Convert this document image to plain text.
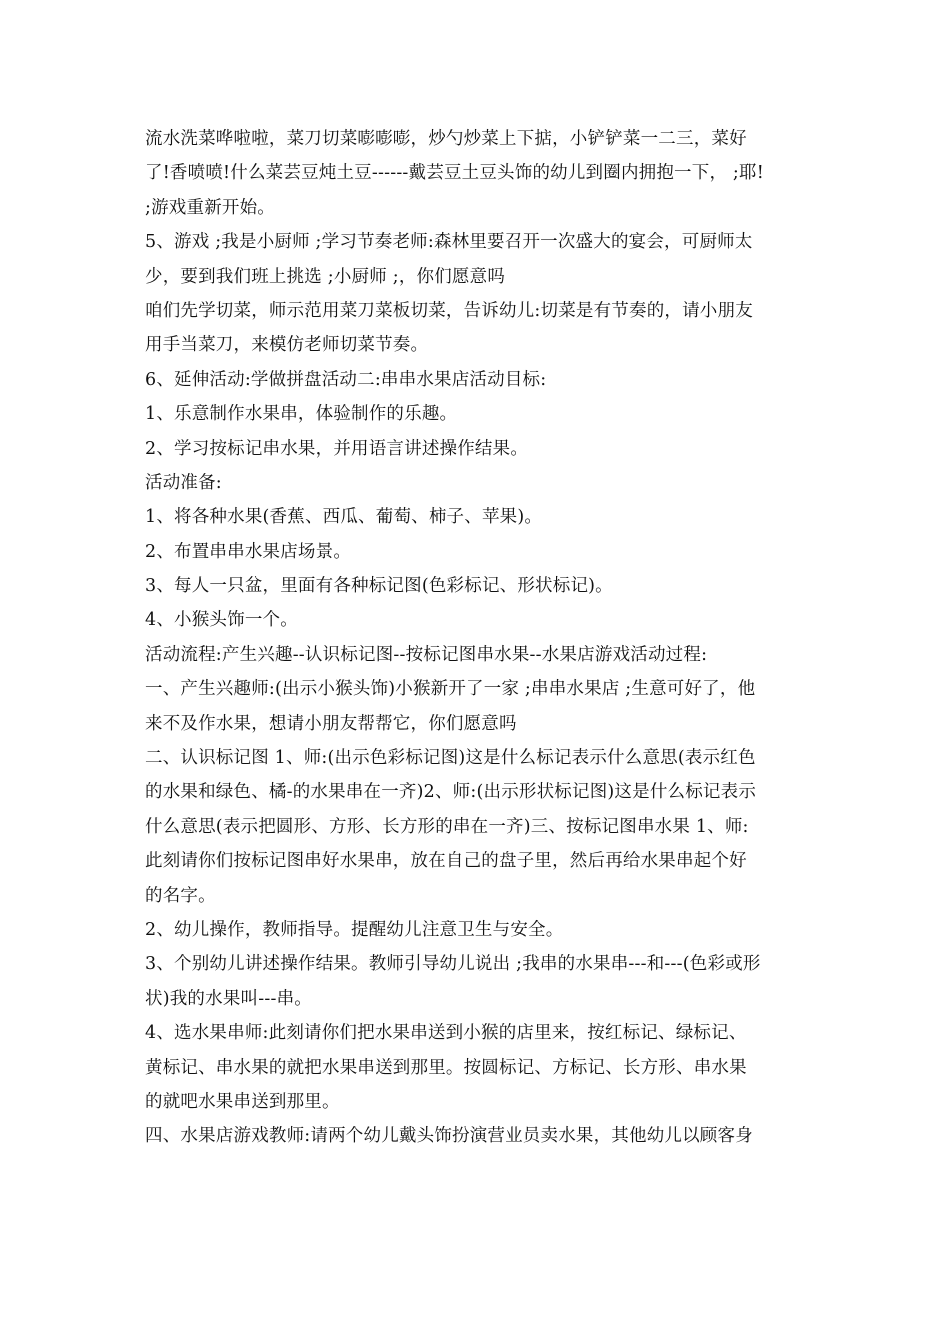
流水洗菜哗啦啦，菜刀切菜嘭嘭嘭，炒勺炒菜上下掂，小铲铲菜一二三，菜好
了!香喷喷!什么菜芸豆炖土豆------戴芸豆土豆头饰的幼儿到圈内拥抱一下， ;耶!
;游戏重新开始。
5、游戏 ;我是小厨师 ;学习节奏老师:森林里要召开一次盛大的宴会，可厨师太
少，要到我们班上挑选 ;小厨师 ;，你们愿意吗
咱们先学切菜，师示范用菜刀菜板切菜，告诉幼儿:切菜是有节奏的，请小朋友
用手当菜刀，来模仿老师切菜节奏。
6、延伸活动:学做拼盘活动二:串串水果店活动目标:
1、乐意制作水果串，体验制作的乐趣。
2、学习按标记串水果，并用语言讲述操作结果。
活动准备:
1、将各种水果(香蕉、西瓜、葡萄、柿子、苹果)。
2、布置串串水果店场景。
3、每人一只盆，里面有各种标记图(色彩标记、形状标记)。
4、小猴头饰一个。
活动流程:产生兴趣--认识标记图--按标记图串水果--水果店游戏活动过程:
一、产生兴趣师:(出示小猴头饰)小猴新开了一家 ;串串水果店 ;生意可好了，他
来不及作水果，想请小朋友帮帮它，你们愿意吗
二、认识标记图 1、师:(出示色彩标记图)这是什么标记表示什么意思(表示红色
的水果和绿色、橘-的水果串在一齐)2、师:(出示形状标记图)这是什么标记表示
什么意思(表示把圆形、方形、长方形的串在一齐)三、按标记图串水果 1、师:
此刻请你们按标记图串好水果串，放在自己的盘子里，然后再给水果串起个好
的名字。
2、幼儿操作，教师指导。提醒幼儿注意卫生与安全。
3、个别幼儿讲述操作结果。教师引导幼儿说出 ;我串的水果串---和---(色彩或形
状)我的水果叫---串。
4、选水果串师:此刻请你们把水果串送到小猴的店里来，按红标记、绿标记、
黄标记、串水果的就把水果串送到那里。按圆标记、方标记、长方形、串水果
的就吧水果串送到那里。
四、水果店游戏教师:请两个幼儿戴头饰扮演营业员卖水果，其他幼儿以顾客身
